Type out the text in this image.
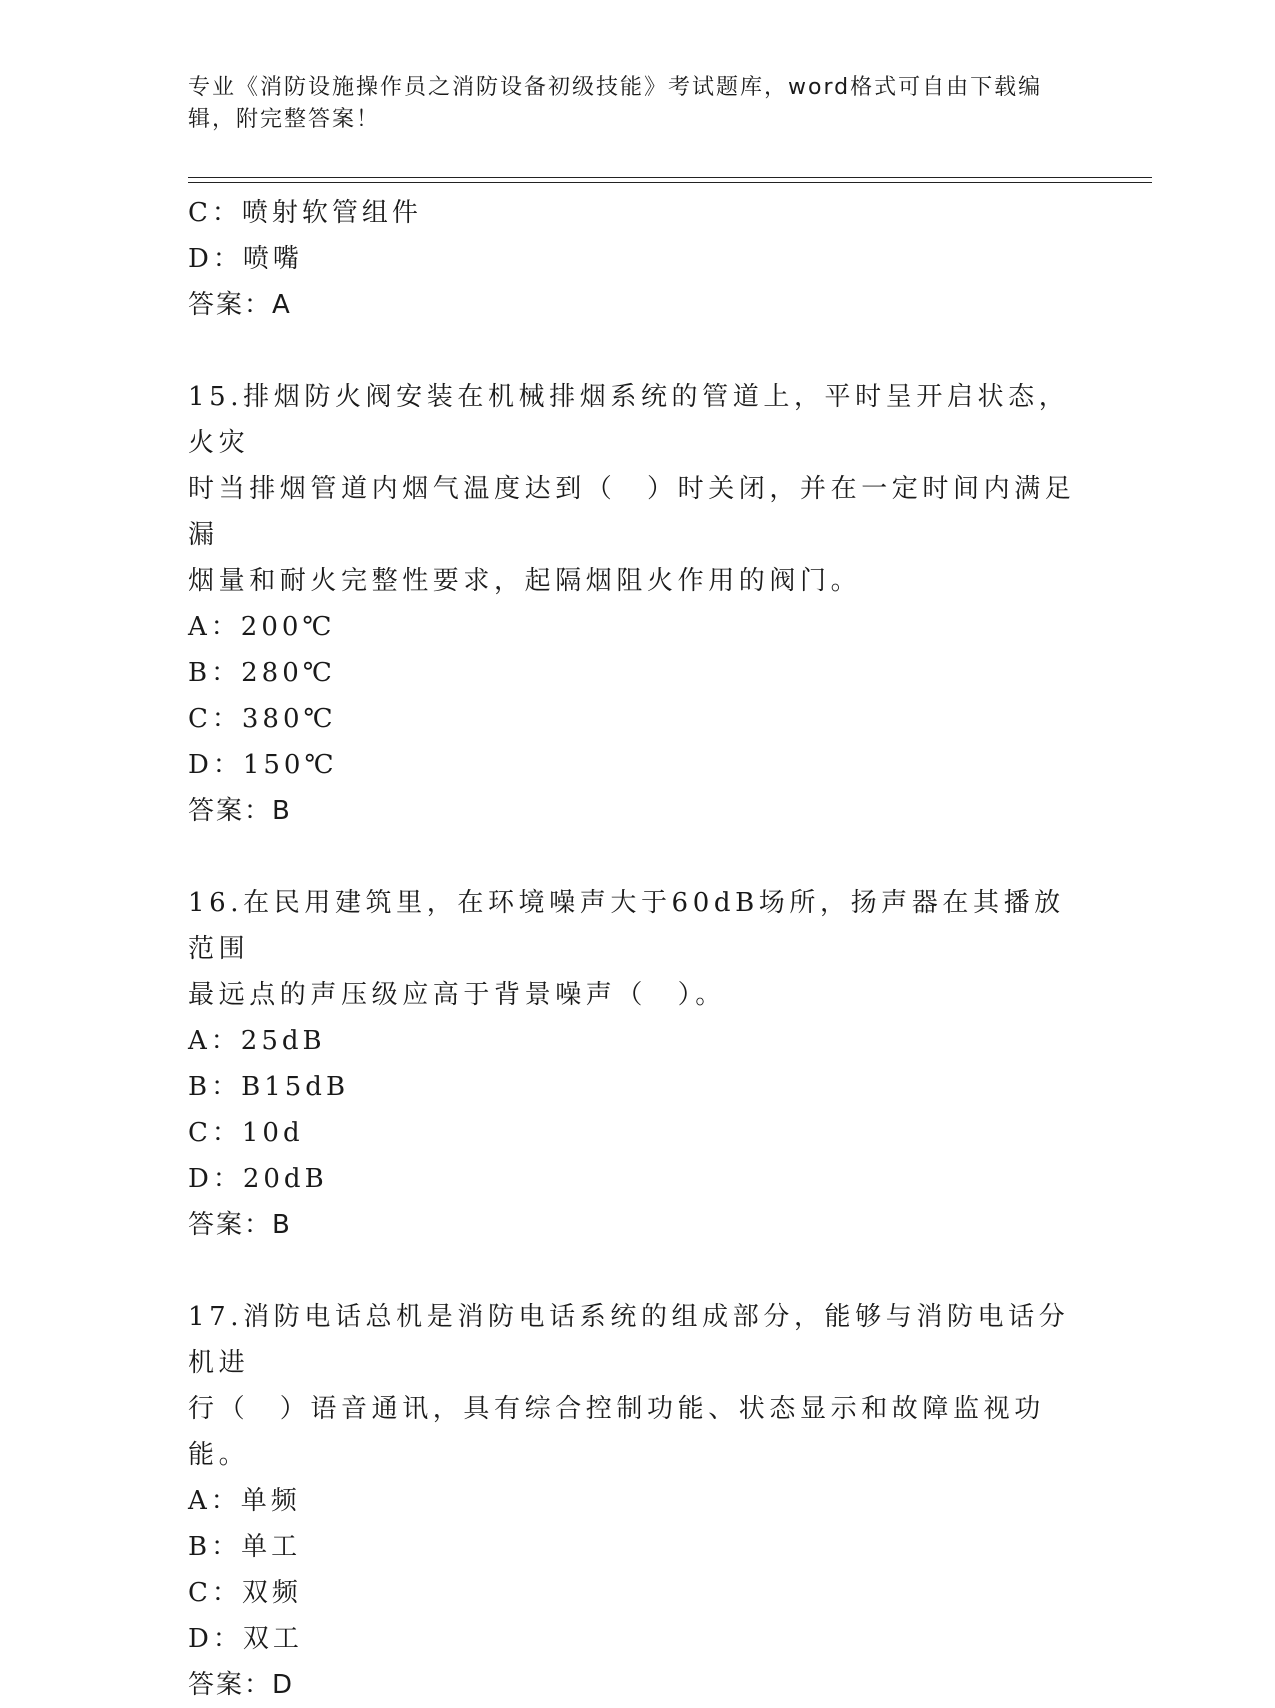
专业《消防设施操作员之消防设备初级技能》考试题库，word格式可自由下载编辑，附完整答案！
C：喷射软管组件
D：喷嘴
答案：A
15.排烟防火阀安装在机械排烟系统的管道上，平时呈开启状态，火灾
时当排烟管道内烟气温度达到（　）时关闭，并在一定时间内满足漏
烟量和耐火完整性要求，起隔烟阻火作用的阀门。
A：200℃
B：280℃
C：380℃
D：150℃
答案：B
16.在民用建筑里，在环境噪声大于60dB场所，扬声器在其播放范围
最远点的声压级应高于背景噪声（　）。
A：25dB
B：B15dB
C：10d
D：20dB
答案：B
17.消防电话总机是消防电话系统的组成部分，能够与消防电话分机进
行（　）语音通讯，具有综合控制功能、状态显示和故障监视功能。
A：单频
B：单工
C：双频
D：双工
答案：D
